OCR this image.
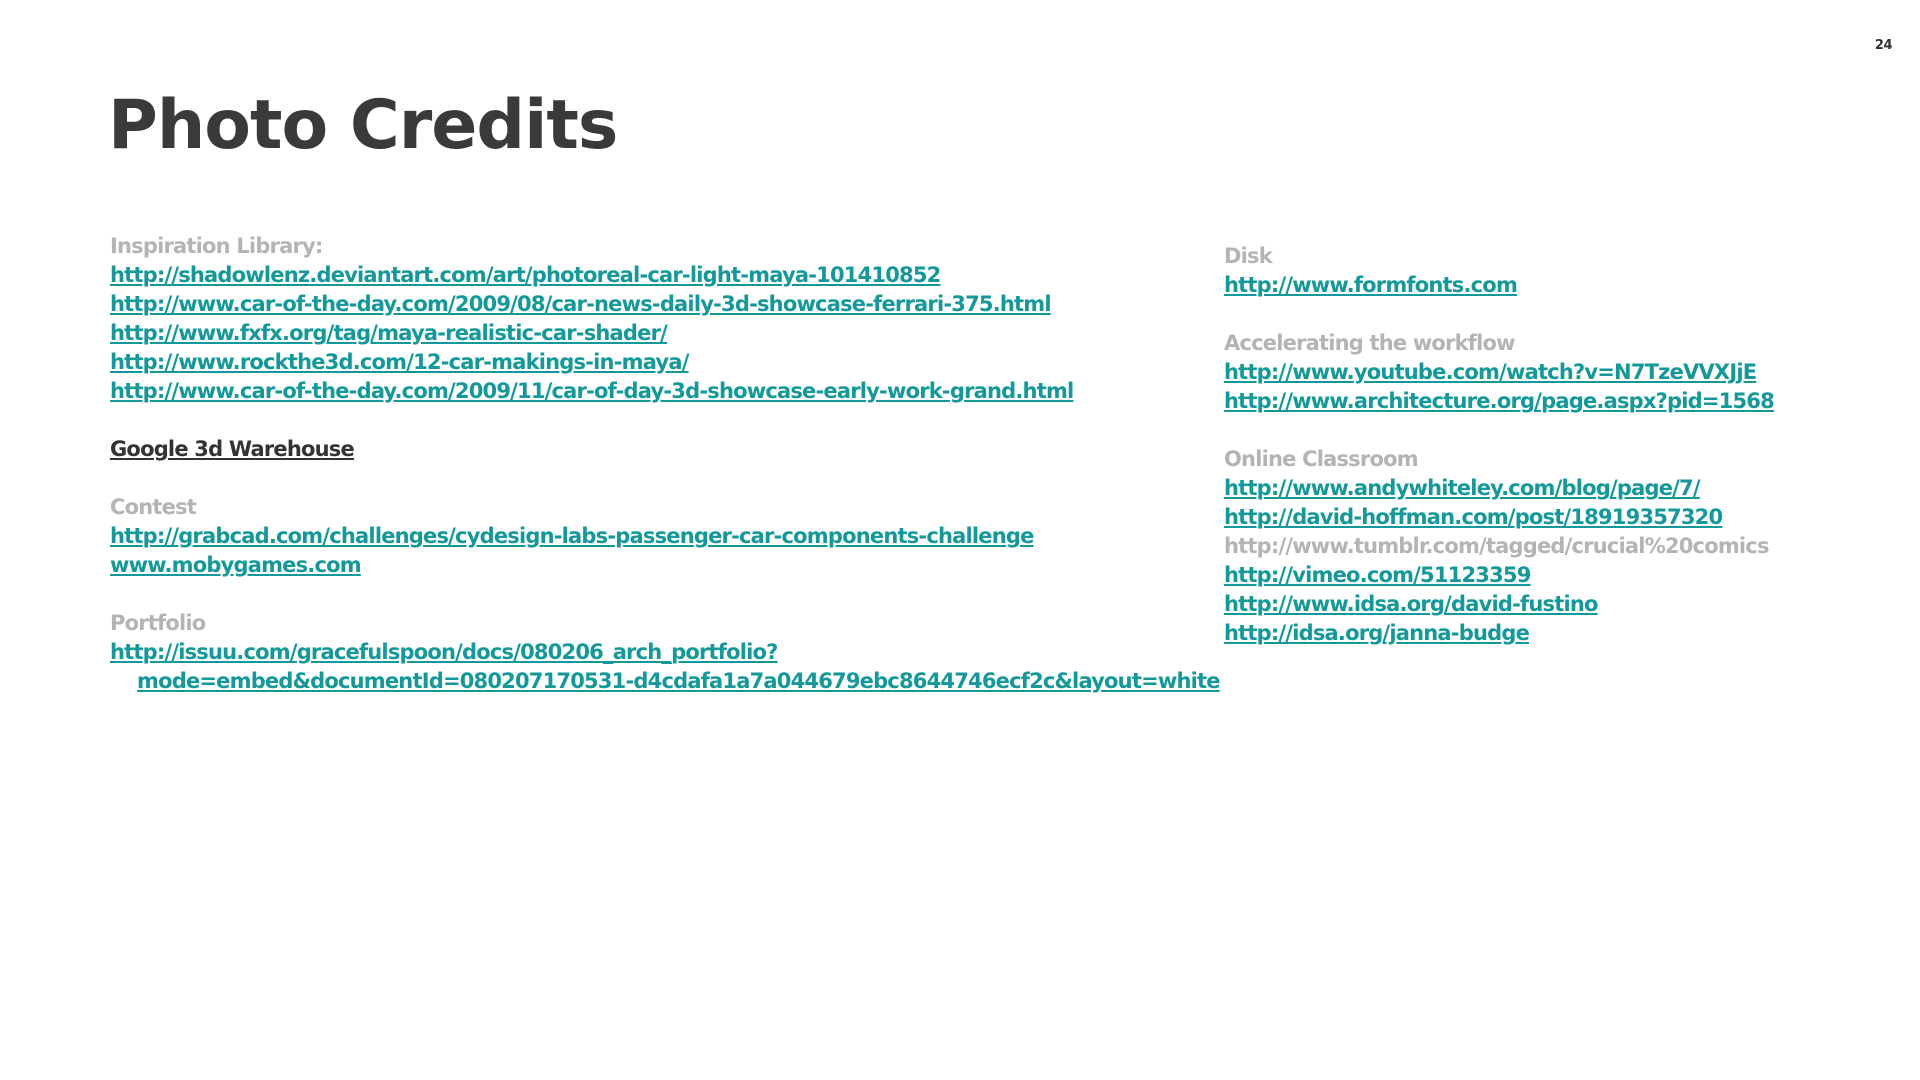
24
Photo Credits
Inspiration Library:
http://shadowlenz.deviantart.com/art/photoreal-car-light-maya-101410852
http://www.car-of-the-day.com/2009/08/car-news-daily-3d-showcase-ferrari-375.html
http://www.fxfx.org/tag/maya-realistic-car-shader/
http://www.rockthe3d.com/12-car-makings-in-maya/
http://www.car-of-the-day.com/2009/11/car-of-day-3d-showcase-early-work-grand.html
Google 3d Warehouse
Contest
http://grabcad.com/challenges/cydesign-labs-passenger-car-components-challenge
www.mobygames.com
Portfolio
http://issuu.com/gracefulspoon/docs/080206_arch_portfolio?
mode=embed&documentId=080207170531-d4cdafa1a7a044679ebc8644746ecf2c&layout=white
Disk
http://www.formfonts.com
Accelerating the workflow
http://www.youtube.com/watch?v=N7TzeVVXJjE
http://www.architecture.org/page.aspx?pid=1568
Online Classroom
http://www.andywhiteley.com/blog/page/7/
http://david-hoffman.com/post/18919357320
http://www.tumblr.com/tagged/crucial%20comics
http://vimeo.com/51123359
http://www.idsa.org/david-fustino
http://idsa.org/janna-budge
